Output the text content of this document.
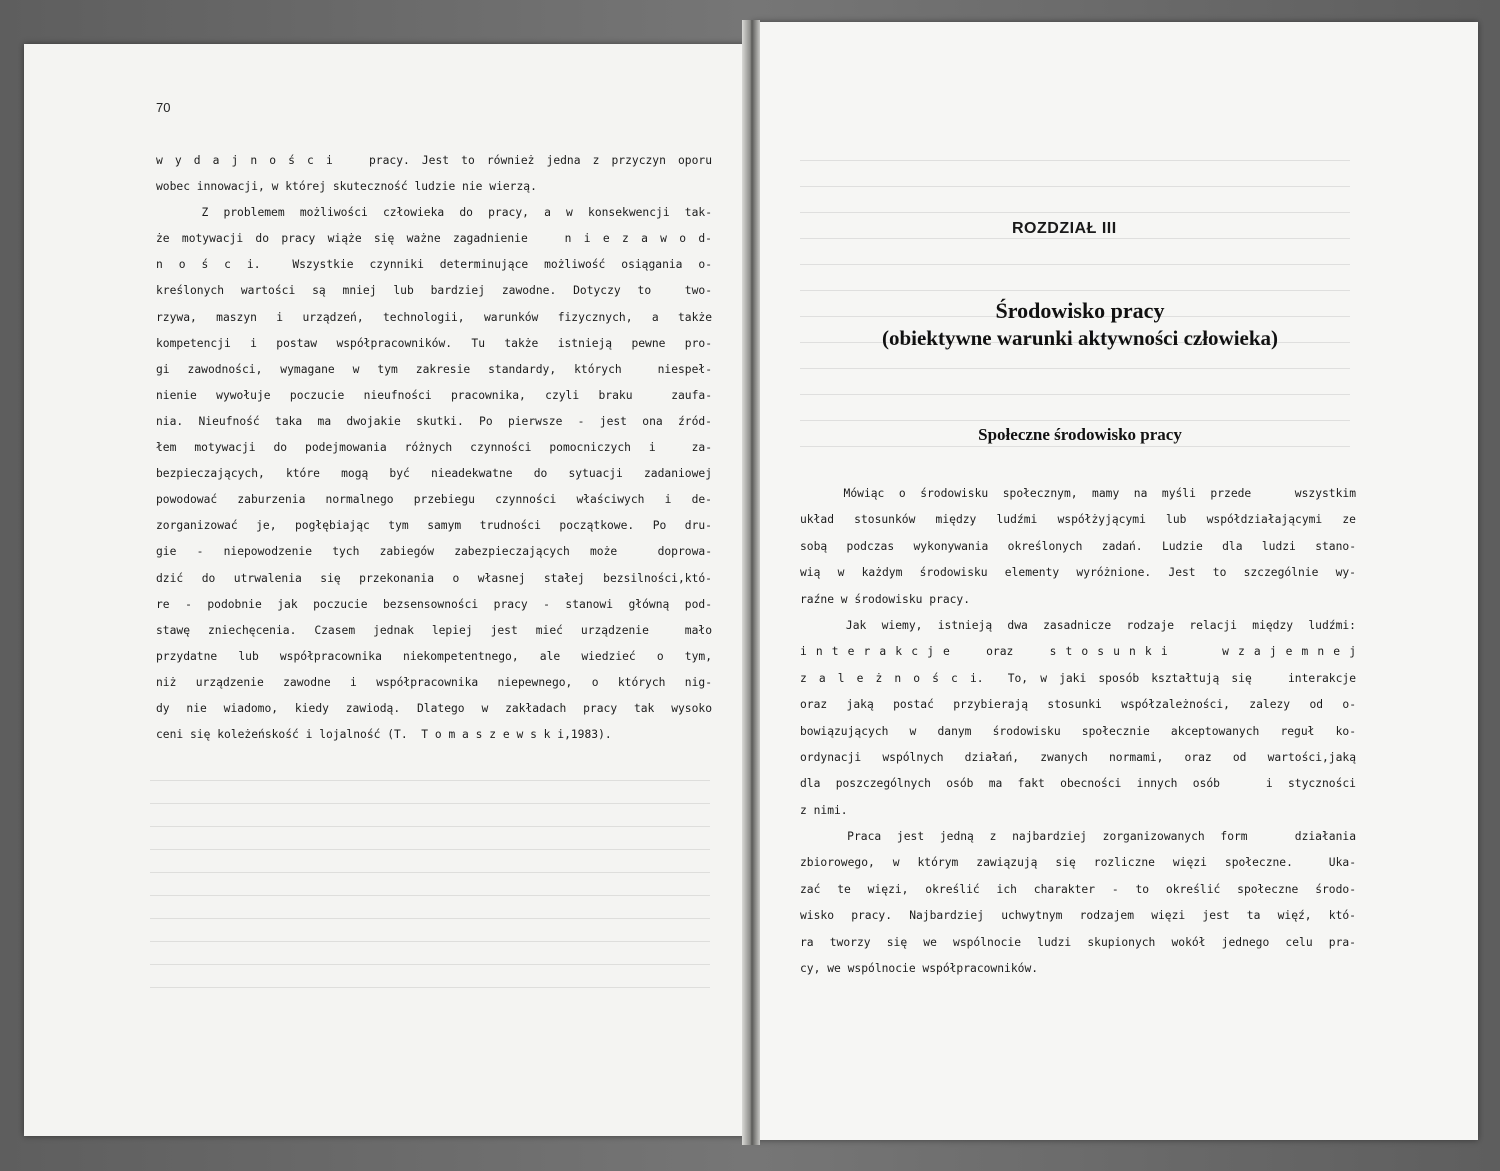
70
w y d a j n o ś c i   pracy. Jest to również jedna z przyczyn oporu
wobec innowacji, w której skuteczność ludzie nie wierzą.
Z problemem możliwości człowieka do pracy, a w konsekwencji tak-
że motywacji do pracy wiąże się ważne zagadnienie   n i e z a w o d-
n o ś c i.  Wszystkie czynniki determinujące możliwość osiągania o-
kreślonych wartości są mniej lub bardziej zawodne. Dotyczy to  two-
rzywa, maszyn i urządzeń, technologii, warunków fizycznych, a także
kompetencji i postaw współpracowników. Tu także istnieją pewne pro-
gi zawodności, wymagane w tym zakresie standardy, których  niespeł-
nienie wywołuje poczucie nieufności pracownika, czyli braku  zaufa-
nia. Nieufność taka ma dwojakie skutki. Po pierwsze - jest ona źród-
łem motywacji do podejmowania różnych czynności pomocniczych i  za-
bezpieczających, które mogą być nieadekwatne do sytuacji zadaniowej
powodować zaburzenia normalnego przebiegu czynności właściwych i de-
zorganizować je, pogłębiając tym samym trudności początkowe. Po dru-
gie - niepowodzenie tych zabiegów zabezpieczających może  doprowa-
dzić do utrwalenia się przekonania o własnej stałej bezsilności,któ-
re - podobnie jak poczucie bezsensowności pracy - stanowi główną pod-
stawę zniechęcenia. Czasem jednak lepiej jest mieć urządzenie  mało
przydatne lub współpracownika niekompetentnego, ale wiedzieć o tym,
niż urządzenie zawodne i współpracownika niepewnego, o których nig-
dy nie wiadomo, kiedy zawiodą. Dlatego w zakładach pracy tak wysoko
ceni się koleżeńskość i lojalność (T.  T o m a s z e w s k i,1983).
ROZDZIAŁ III
Środowisko pracy
(obiektywne warunki aktywności człowieka)
Społeczne środowisko pracy
Mówiąc o środowisku społecznym, mamy na myśli przede   wszystkim
układ stosunków między ludźmi współżyjącymi lub współdziałającymi ze
sobą podczas wykonywania określonych zadań. Ludzie dla ludzi stano-
wią w każdym środowisku elementy wyróżnione. Jest to szczególnie wy-
raźne w środowisku pracy.
Jak wiemy, istnieją dwa zasadnicze rodzaje relacji między ludźmi:
i n t e r a k c j e    oraz    s t o s u n k i      w z a j e m n e j
z a l e ż n o ś c i.  To, w jaki sposób kształtują się   interakcje
oraz jaką postać przybierają stosunki współzależności, zalezy od o-
bowiązujących w danym środowisku społecznie akceptowanych reguł ko-
ordynacji wspólnych działań, zwanych normami, oraz od wartości,jaką
dla poszczególnych osób ma fakt obecności innych osób   i styczności
z nimi.
Praca jest jedną z najbardziej zorganizowanych form   działania
zbiorowego, w którym zawiązują się rozliczne więzi społeczne.  Uka-
zać te więzi, określić ich charakter - to określić społeczne środo-
wisko pracy. Najbardziej uchwytnym rodzajem więzi jest ta więź, któ-
ra tworzy się we wspólnocie ludzi skupionych wokół jednego celu pra-
cy, we wspólnocie współpracowników.
